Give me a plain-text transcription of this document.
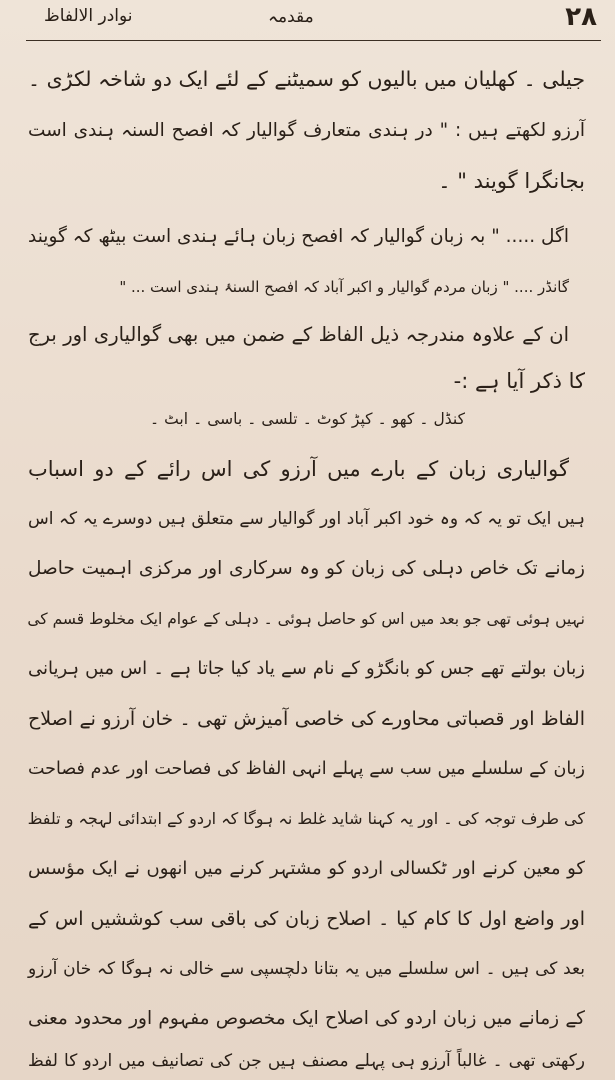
نوادر الالفاظ	مقدمہ	۲۸
جیلی ۔ کھلیان میں بالیوں کو سمیٹنے کے لئے ایک دو شاخہ لکڑی ۔
آرزو لکھتے ہیں : " در ہندی متعارف گوالیار کہ افصح السنہ ہندی است
بجانگرا گویند " ۔
اگل ..... " بہ زبان گوالیار کہ افصح زبان ہائے ہندی است بیٹھ کہ گویند
گانڈر .... " زبان مردم گوالیار و اکبر آباد کہ افصح السنۂ ہندی است ... "
ان کے علاوہ مندرجہ ذیل الفاظ کے ضمن میں بھی گوالیاری اور برج
کا ذکر آیا ہے :-
کنڈل ۔ کھو ۔ کپڑ کوٹ ۔ تلسی ۔ باسی ۔ ابٹ ۔
گوالیاری زبان کے بارے میں آرزو کی اس رائے کے دو اسباب
ہیں ایک تو یہ کہ وہ خود اکبر آباد اور گوالیار سے متعلق ہیں دوسرے یہ کہ اس
زمانے تک خاص دہلی کی زبان کو وہ سرکاری اور مرکزی اہمیت حاصل
نہیں ہوئی تھی جو بعد میں اس کو حاصل ہوئی ۔ دہلی کے عوام ایک مخلوط قسم کی
زبان بولتے تھے جس کو بانگڑو کے نام سے یاد کیا جاتا ہے ۔ اس میں ہریانی
الفاظ اور قصباتی محاورے کی خاصی آمیزش تھی ۔ خان آرزو نے اصلاح
زبان کے سلسلے میں سب سے پہلے انہی الفاظ کی فصاحت اور عدم فصاحت
کی طرف توجہ کی ۔ اور یہ کہنا شاید غلط نہ ہوگا کہ اردو کے ابتدائی لہجہ و تلفظ
کو معین کرنے اور ٹکسالی اردو کو مشتہر کرنے میں انھوں نے ایک مؤسس
اور واضع اول کا کام کیا ۔ اصلاح زبان کی باقی سب کوششیں اس کے
بعد کی ہیں ۔ اس سلسلے میں یہ بتانا دلچسپی سے خالی نہ ہوگا کہ خان آرزو
کے زمانے میں زبان اردو کی اصلاح ایک مخصوص مفہوم اور محدود معنی
رکھتی تھی ۔ غالباً آرزو ہی پہلے مصنف ہیں جن کی تصانیف میں اردو کا لفظ
